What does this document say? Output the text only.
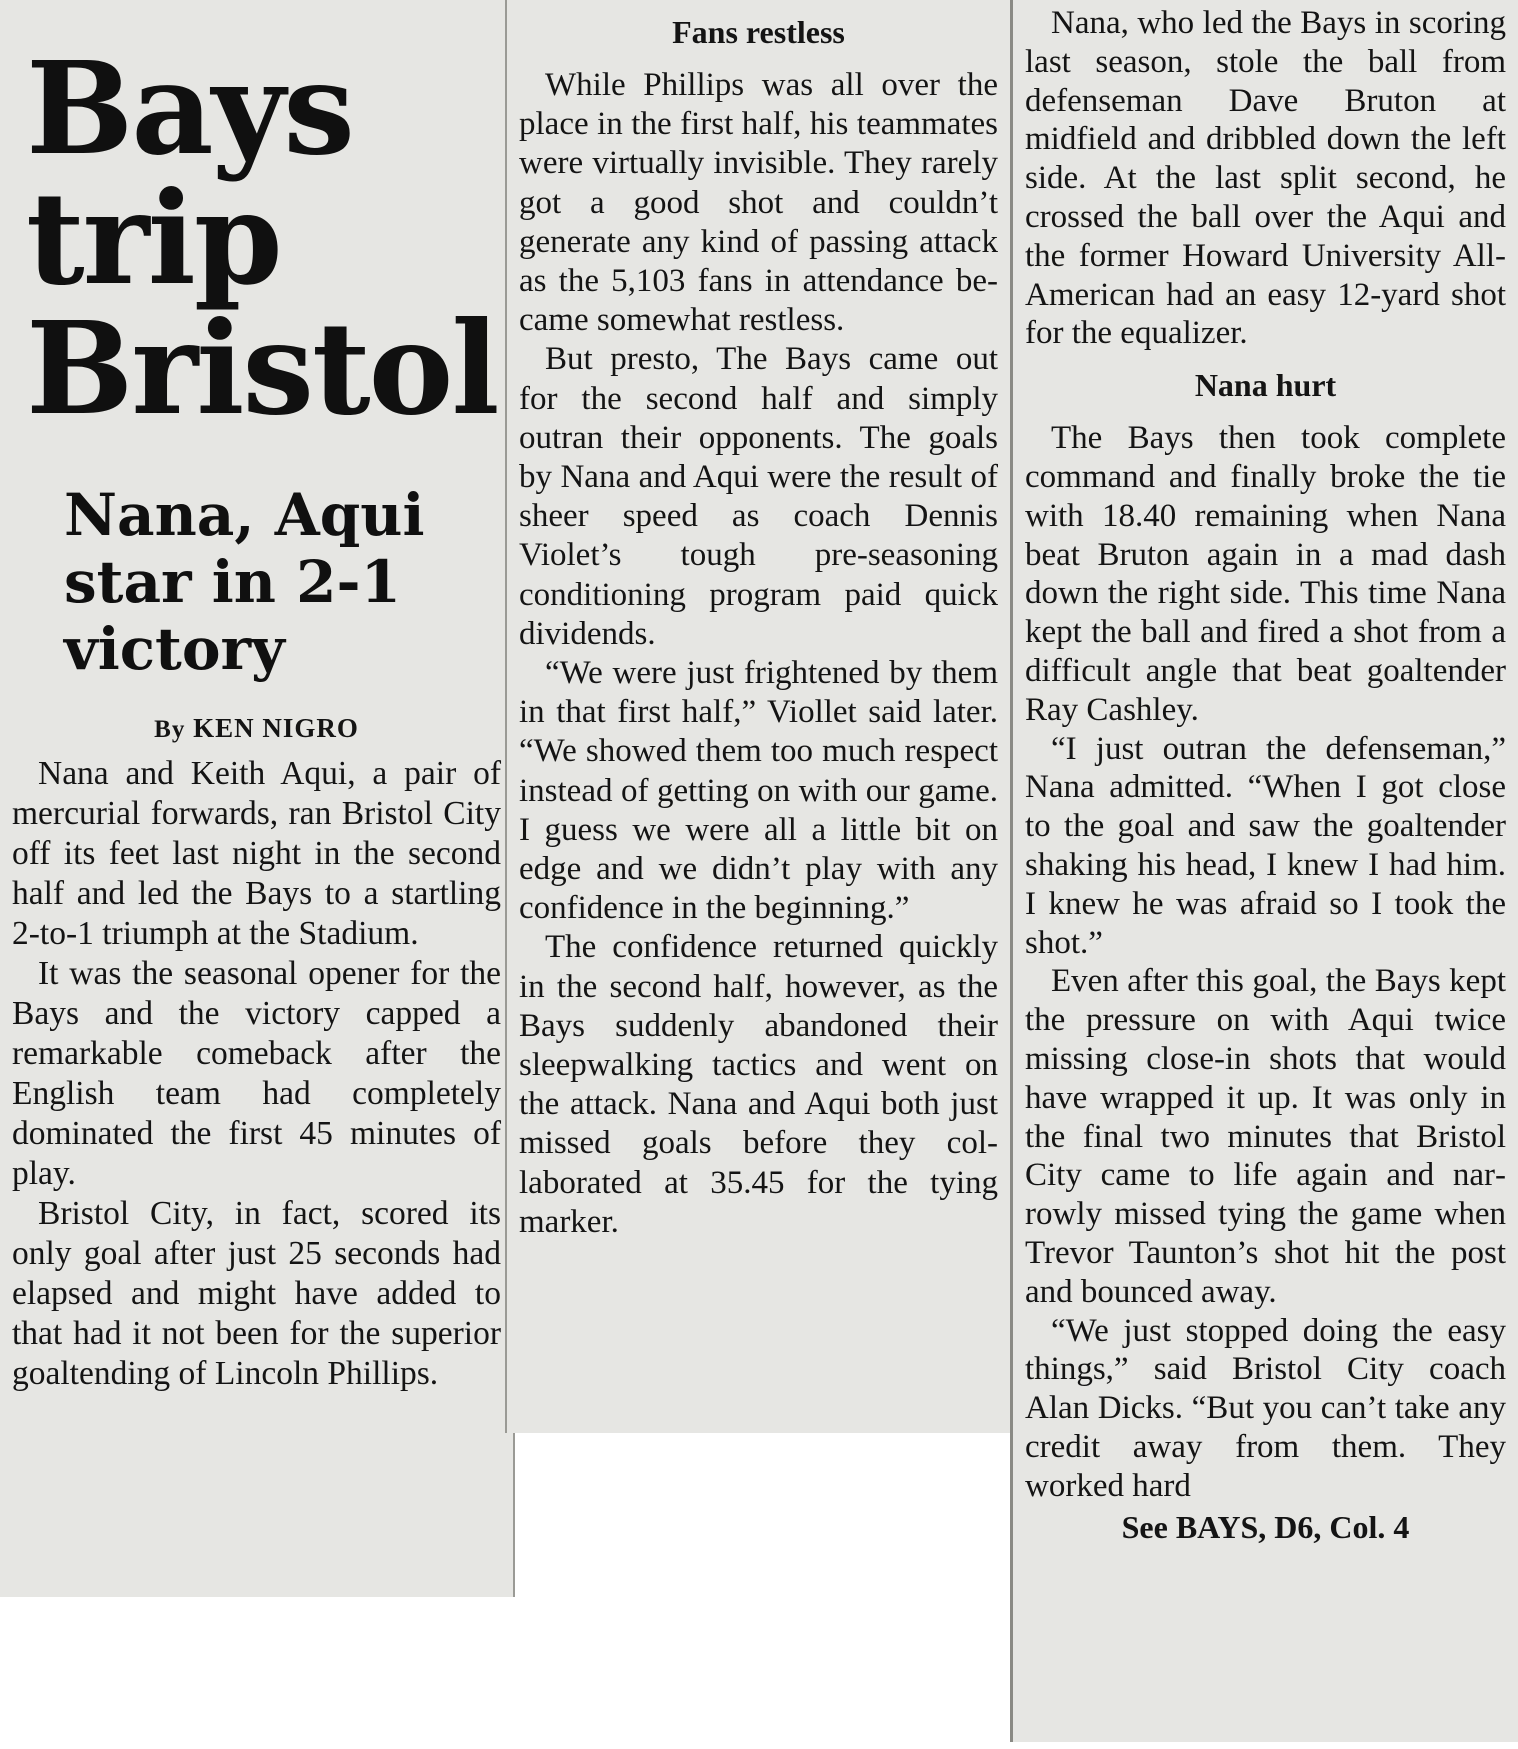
Bays
trip
Bristol
Nana, Aqui
star in 2-1
victory
By KEN NIGRO

Nana and Keith Aqui, a pair of mercurial forwards, ran Bristol City off its feet last night in the second half and led the Bays to a startling 2-to-1 triumph at the Stadium.

It was the seasonal opener for the Bays and the victory capped a remarkable comeback after the English team had completely dominated the first 45 minutes of play.

Bristol City, in fact, scored its only goal after just 25 seconds had elapsed and might have added to that had it not been for the superior goaltending of Lincoln Phillips.

Fans restless

While Phillips was all over the place in the first half, his teammates were virtually invisible. They rarely got a good shot and couldn’t generate any kind of passing attack as the 5,103 fans in attendance became somewhat restless.

But presto, The Bays came out for the second half and simply outran their opponents. The goals by Nana and Aqui were the result of sheer speed as coach Dennis Violet’s tough pre-seasoning conditioning program paid quick dividends.

“We were just frightened by them in that first half,” Viollet said later. “We showed them too much respect instead of getting on with our game. I guess we were all a little bit on edge and we didn’t play with any confidence in the beginning.”

The confidence returned quickly in the second half, however, as the Bays suddenly abandoned their sleepwalking tactics and went on the attack. Nana and Aqui both just missed goals before they collaborated at 35.45 for the tying marker.

Nana, who led the Bays in scoring last season, stole the ball from defenseman Dave Bruton at midfield and dribbled down the left side. At the last split second, he crossed the ball over the Aqui and the former Howard University All-American had an easy 12-yard shot for the equalizer.

Nana hurt

The Bays then took complete command and finally broke the tie with 18.40 remaining when Nana beat Bruton again in a mad dash down the right side. This time Nana kept the ball and fired a shot from a difficult angle that beat goaltender Ray Cashley.

“I just outran the defenseman,” Nana admitted. “When I got close to the goal and saw the goaltender shaking his head, I knew I had him. I knew he was afraid so I took the shot.”

Even after this goal, the Bays kept the pressure on with Aqui twice missing close-in shots that would have wrapped it up. It was only in the final two minutes that Bristol City came to life again and narrowly missed tying the game when Trevor Taunton’s shot hit the post and bounced away.

“We just stopped doing the easy things,” said Bristol City coach Alan Dicks. “But you can’t take any credit away from them. They worked hard

See BAYS, D6, Col. 4
